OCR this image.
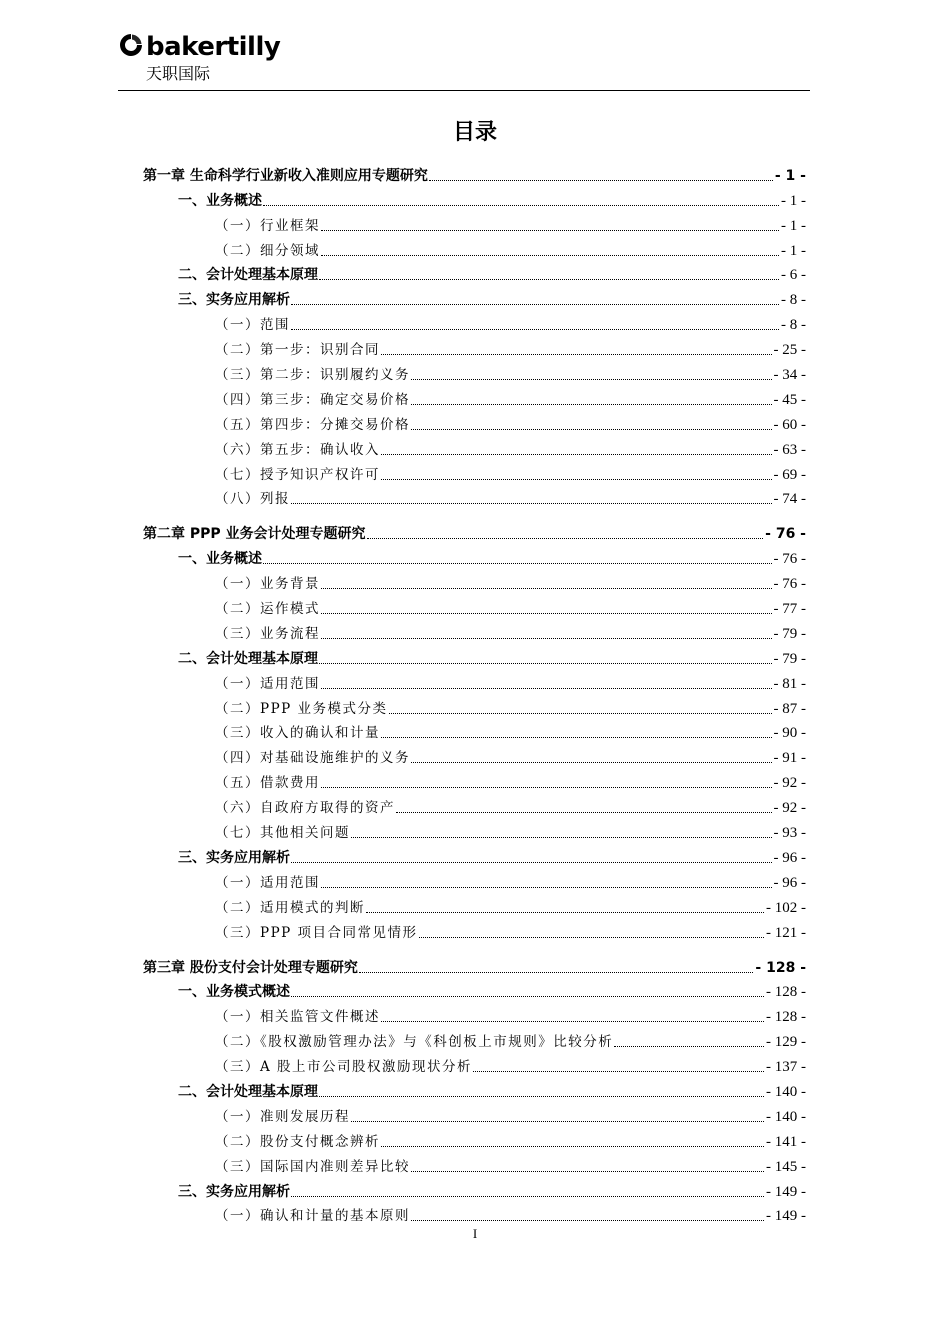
bakertilly
天职国际
目录
第一章 生命科学行业新收入准则应用专题研究	- 1 -
一、业务概述	- 1 -
（一）行业框架	- 1 -
（二）细分领域	- 1 -
二、会计处理基本原理	- 6 -
三、实务应用解析	- 8 -
（一）范围	- 8 -
（二）第一步：识别合同	- 25 -
（三）第二步：识别履约义务	- 34 -
（四）第三步：确定交易价格	- 45 -
（五）第四步：分摊交易价格	- 60 -
（六）第五步：确认收入	- 63 -
（七）授予知识产权许可	- 69 -
（八）列报	- 74 -
第二章 PPP 业务会计处理专题研究	- 76 -
一、业务概述	- 76 -
（一）业务背景	- 76 -
（二）运作模式	- 77 -
（三）业务流程	- 79 -
二、会计处理基本原理	- 79 -
（一）适用范围	- 81 -
（二）PPP 业务模式分类	- 87 -
（三）收入的确认和计量	- 90 -
（四）对基础设施维护的义务	- 91 -
（五）借款费用	- 92 -
（六）自政府方取得的资产	- 92 -
（七）其他相关问题	- 93 -
三、实务应用解析	- 96 -
（一）适用范围	- 96 -
（二）适用模式的判断	- 102 -
（三）PPP 项目合同常见情形	- 121 -
第三章 股份支付会计处理专题研究	- 128 -
一、业务模式概述	- 128 -
（一）相关监管文件概述	- 128 -
（二）《股权激励管理办法》与《科创板上市规则》比较分析	- 129 -
（三）A 股上市公司股权激励现状分析	- 137 -
二、会计处理基本原理	- 140 -
（一）准则发展历程	- 140 -
（二）股份支付概念辨析	- 141 -
（三）国际国内准则差异比较	- 145 -
三、实务应用解析	- 149 -
（一）确认和计量的基本原则	- 149 -
I
